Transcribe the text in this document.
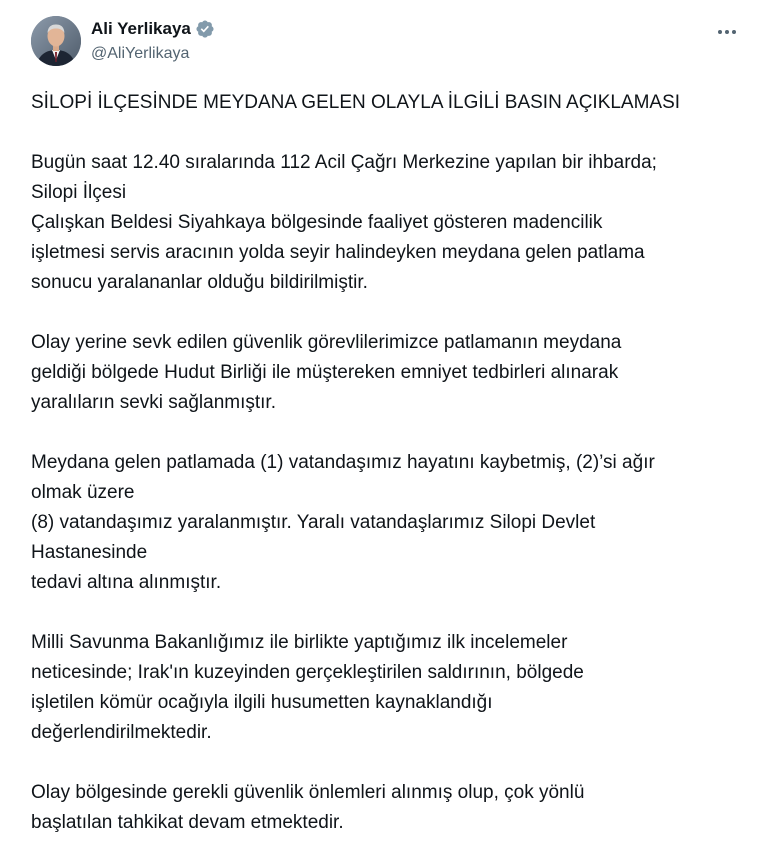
Ali Yerlikaya
@AliYerlikaya
SİLOPİ İLÇESİNDE MEYDANA GELEN OLAYLA İLGİLİ BASIN AÇIKLAMASI
Bugün saat 12.40 sıralarında 112 Acil Çağrı Merkezine yapılan bir ihbarda;
Silopi İlçesi
Çalışkan Beldesi Siyahkaya bölgesinde faaliyet gösteren madencilik
işletmesi servis aracının yolda seyir halindeyken meydana gelen patlama
sonucu yaralananlar olduğu bildirilmiştir.
Olay yerine sevk edilen güvenlik görevlilerimizce patlamanın meydana
geldiği bölgede Hudut Birliği ile müştereken emniyet tedbirleri alınarak
yaralıların sevki sağlanmıştır.
Meydana gelen patlamada (1) vatandaşımız hayatını kaybetmiş, (2)’si ağır
olmak üzere
(8) vatandaşımız yaralanmıştır. Yaralı vatandaşlarımız Silopi Devlet
Hastanesinde
tedavi altına alınmıştır.
Milli Savunma Bakanlığımız ile birlikte yaptığımız ilk incelemeler
neticesinde; Irak'ın kuzeyinden gerçekleştirilen saldırının, bölgede
işletilen kömür ocağıyla ilgili husumetten kaynaklandığı
değerlendirilmektedir.
Olay bölgesinde gerekli güvenlik önlemleri alınmış olup, çok yönlü
başlatılan tahkikat devam etmektedir.
